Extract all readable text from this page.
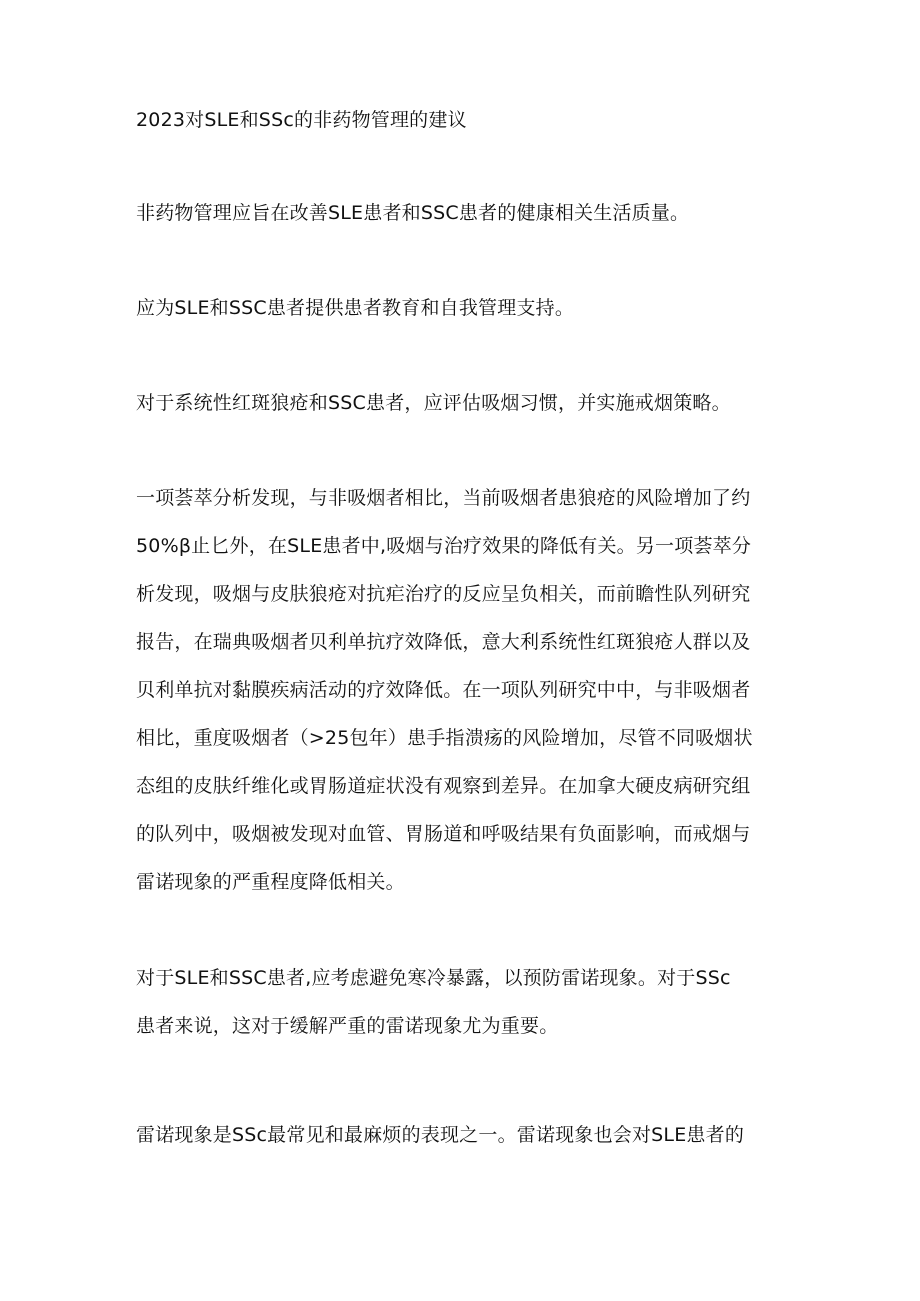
2023对SLE和SSc的非药物管理的建议
非药物管理应旨在改善SLE患者和SSC患者的健康相关生活质量。
应为SLE和SSC患者提供患者教育和自我管理支持。
对于系统性红斑狼疮和SSC患者，应评估吸烟习惯，并实施戒烟策略。
一项荟萃分析发现，与非吸烟者相比，当前吸烟者患狼疮的风险增加了约
50%β止匕外，在SLE患者中,吸烟与治疗效果的降低有关。另一项荟萃分
析发现，吸烟与皮肤狼疮对抗疟治疗的反应呈负相关，而前瞻性队列研究
报告，在瑞典吸烟者贝利单抗疗效降低，意大利系统性红斑狼疮人群以及
贝利单抗对黏膜疾病活动的疗效降低。在一项队列研究中中，与非吸烟者
相比，重度吸烟者（>25包年）患手指溃疡的风险增加，尽管不同吸烟状
态组的皮肤纤维化或胃肠道症状没有观察到差异。在加拿大硬皮病研究组
的队列中，吸烟被发现对血管、胃肠道和呼吸结果有负面影响，而戒烟与
雷诺现象的严重程度降低相关。
对于SLE和SSC患者,应考虑避免寒冷暴露，以预防雷诺现象。对于SSc
患者来说，这对于缓解严重的雷诺现象尤为重要。
雷诺现象是SSc最常见和最麻烦的表现之一。雷诺现象也会对SLE患者的
